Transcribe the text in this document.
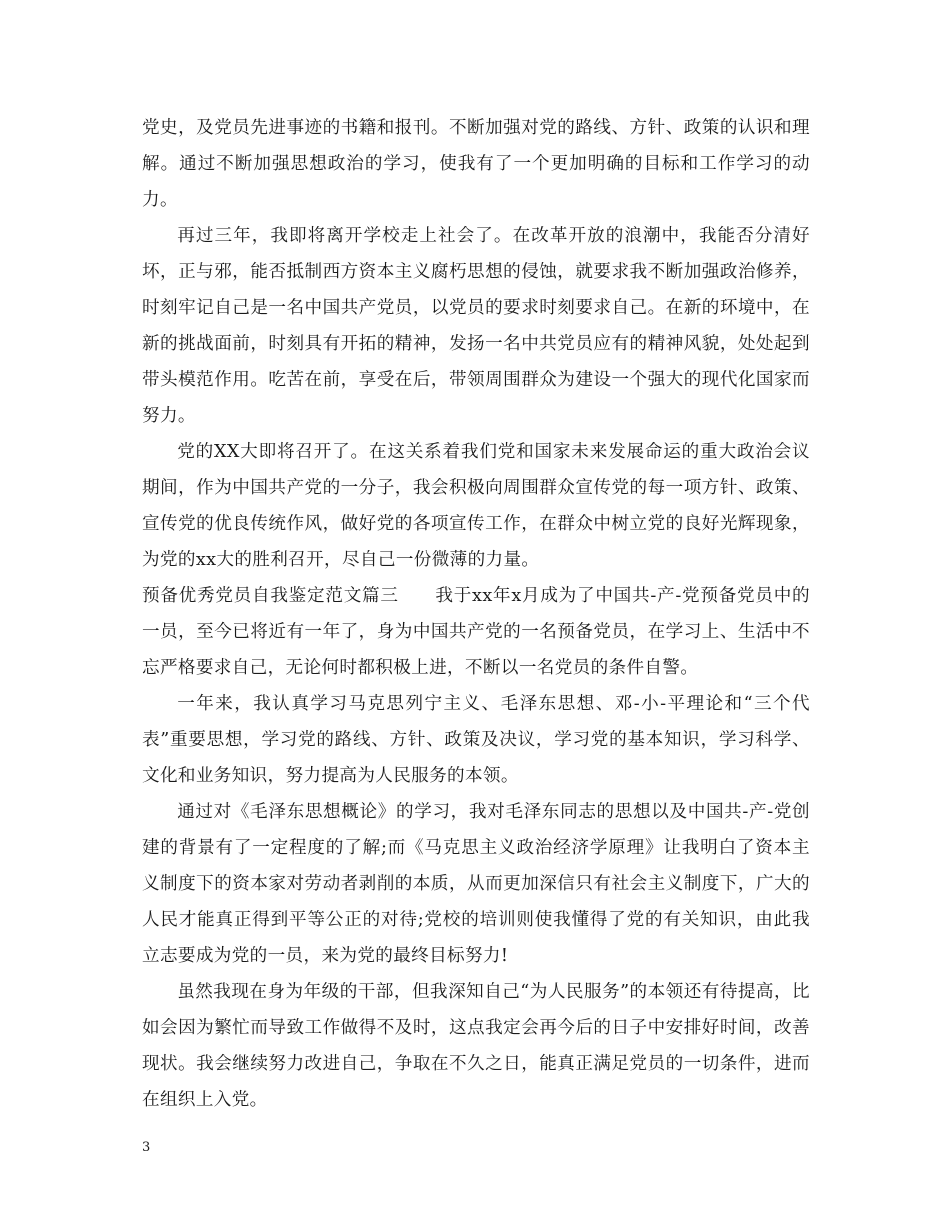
党史，及党员先进事迹的书籍和报刊。不断加强对党的路线、方针、政策的认识和理解。通过不断加强思想政治的学习，使我有了一个更加明确的目标和工作学习的动力。

再过三年，我即将离开学校走上社会了。在改革开放的浪潮中，我能否分清好坏，正与邪，能否抵制西方资本主义腐朽思想的侵蚀，就要求我不断加强政治修养，时刻牢记自己是一名中国共产党员，以党员的要求时刻要求自己。在新的环境中，在新的挑战面前，时刻具有开拓的精神，发扬一名中共党员应有的精神风貌，处处起到带头模范作用。吃苦在前，享受在后，带领周围群众为建设一个强大的现代化国家而努力。

党的XX大即将召开了。在这关系着我们党和国家未来发展命运的重大政治会议期间，作为中国共产党的一分子，我会积极向周围群众宣传党的每一项方针、政策、宣传党的优良传统作风，做好党的各项宣传工作，在群众中树立党的良好光辉现象，为党的xx大的胜利召开，尽自己一份微薄的力量。

预备优秀党员自我鉴定范文篇三　　我于xx年x月成为了中国共-产-党预备党员中的一员，至今已将近有一年了，身为中国共产党的一名预备党员，在学习上、生活中不忘严格要求自己，无论何时都积极上进，不断以一名党员的条件自警。

一年来，我认真学习马克思列宁主义、毛泽东思想、邓-小-平理论和“三个代表”重要思想，学习党的路线、方针、政策及决议，学习党的基本知识，学习科学、文化和业务知识，努力提高为人民服务的本领。

通过对《毛泽东思想概论》的学习，我对毛泽东同志的思想以及中国共-产-党创建的背景有了一定程度的了解;而《马克思主义政治经济学原理》让我明白了资本主义制度下的资本家对劳动者剥削的本质，从而更加深信只有社会主义制度下，广大的人民才能真正得到平等公正的对待;党校的培训则使我懂得了党的有关知识，由此我立志要成为党的一员，来为党的最终目标努力!

虽然我现在身为年级的干部，但我深知自己“为人民服务”的本领还有待提高，比如会因为繁忙而导致工作做得不及时，这点我定会再今后的日子中安排好时间，改善现状。我会继续努力改进自己，争取在不久之日，能真正满足党员的一切条件，进而在组织上入党。

3
